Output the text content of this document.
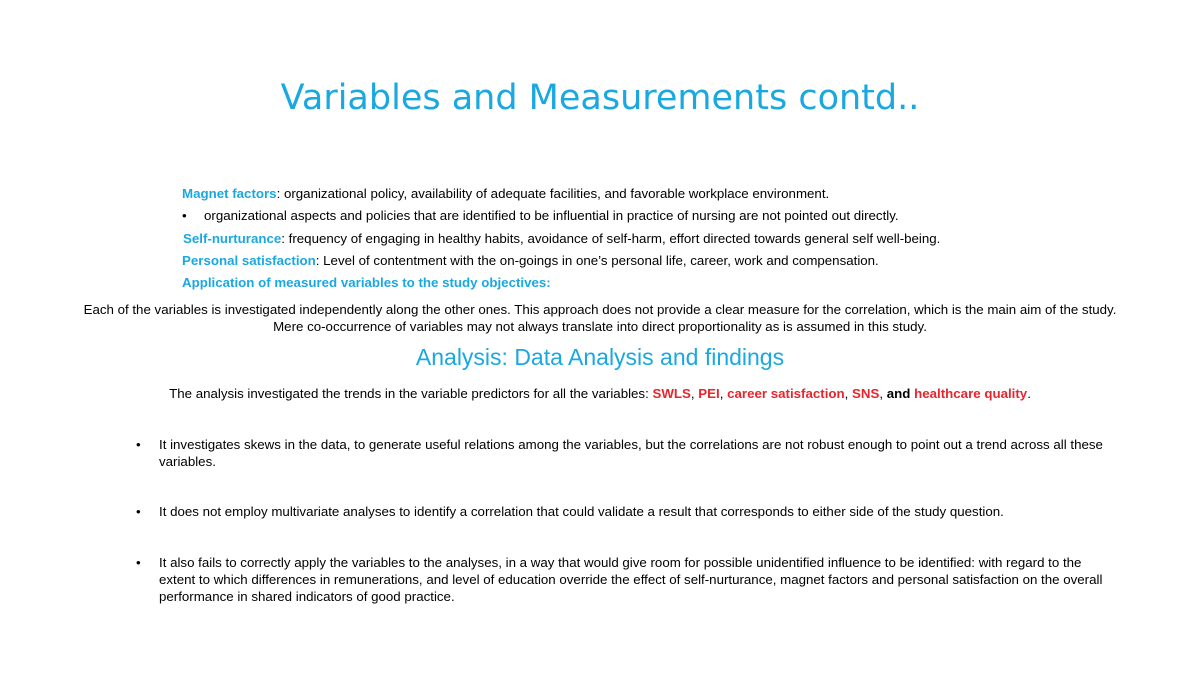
Variables and Measurements contd..
Magnet factors: organizational policy, availability of adequate facilities, and favorable workplace environment.
• organizational aspects and policies that are identified to be influential in practice of nursing are not pointed out directly.
Self-nurturance: frequency of engaging in healthy habits, avoidance of self-harm, effort directed towards general self well-being.
Personal satisfaction: Level of contentment with the on-goings in one’s personal life, career, work and compensation.
Application of measured variables to the study objectives:
Each of the variables is investigated independently along the other ones. This approach does not provide a clear measure for the correlation, which is the main aim of the study. Mere co-occurrence of variables may not always translate into direct proportionality as is assumed in this study.
Analysis: Data Analysis and findings
The analysis investigated the trends in the variable predictors for all the variables: SWLS, PEI, career satisfaction, SNS, and healthcare quality.
• It investigates skews in the data, to generate useful relations among the variables, but the correlations are not robust enough to point out a trend across all these variables.
• It does not employ multivariate analyses to identify a correlation that could validate a result that corresponds to either side of the study question.
• It also fails to correctly apply the variables to the analyses, in a way that would give room for possible unidentified influence to be identified: with regard to the extent to which differences in remunerations, and level of education override the effect of self-nurturance, magnet factors and personal satisfaction on the overall performance in shared indicators of good practice.
